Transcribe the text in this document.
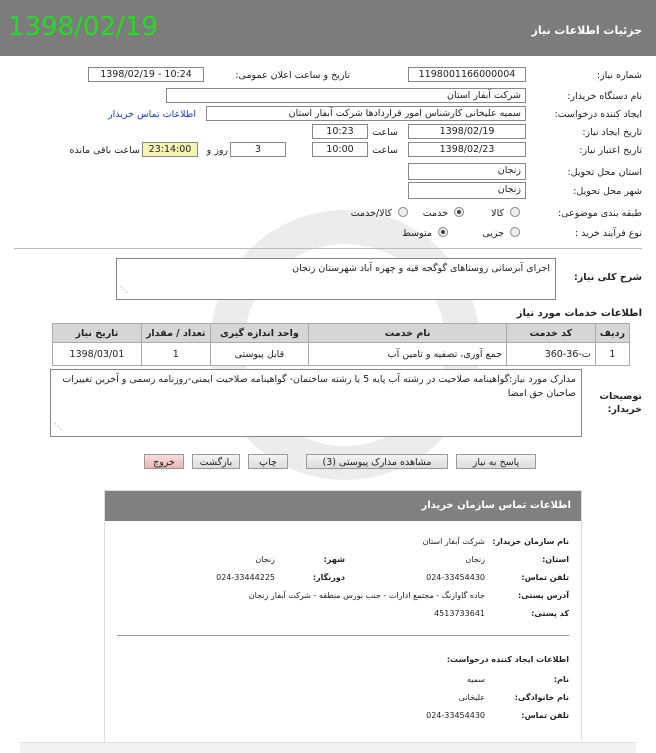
جزئیات اطلاعات نیاز
1398/02/19
شماره نیاز:
1198001166000004
تاریخ و ساعت اعلان عمومی:
1398/02/19 - 10:24
نام دستگاه خریدار:
شرکت آبفار استان
ایجاد کننده درخواست:
سمیه علیخانی کارشناس امور قراردادها شرکت آبفار استان
اطلاعات تماس خریدار
تاریخ ایجاد نیاز:
1398/02/19
ساعت
10:23
تاریخ اعتبار نیاز:
1398/02/23
ساعت
10:00
3
روز و
23:14:00
ساعت باقی مانده
استان محل تحویل:
زنجان
شهر محل تحویل:
زنجان
طبقه بندی موضوعی:
کالا
خدمت
کالا/خدمت
نوع فرآیند خرید :
جزیی
متوسط
شرح کلی نیاز:
اجرای آبرسانی روستاهای گوگجه قیه و چهره آباد شهرستان زنجان
⋰
اطلاعات خدمات مورد نیاز
ردیف	کد خدمت	نام خدمت	واحد اندازه گیری	تعداد / مقدار	تاریخ نیاز
1	ت-36-360	جمع آوری، تصفیه و تامین آب	قابل پیوستی	1	1398/03/01
توضیحات خریدار:
مدارک مورد نیاز:گواهینامه صلاحیت در رشته آب پایه 5 یا رشته ساختمان- گواهینامه صلاحیت ایمنی-روزنامه رسمی و آخرین تغییرات صاحبان حق امضا
⋰
پاسخ به نیاز
مشاهده مدارک پیوستی (3)
چاپ
بازگشت
خروج
اطلاعات تماس سازمان خریدار
نام سازمان خریدار:
شرکت آبفار استان
استان:
زنجان
شهر:
زنجان
تلفن تماس:
024-33454430
دورنگار:
024-33444225
آدرس پستی:
جاده گاوازنگ - مجتمع ادارات - جنب بورس منطقه - شرکت آبفار زنجان
کد پستی:
4513733641
اطلاعات ایجاد کننده درخواست:
نام:
سمیه
نام خانوادگی:
علیخانی
تلفن تماس:
024-33454430
